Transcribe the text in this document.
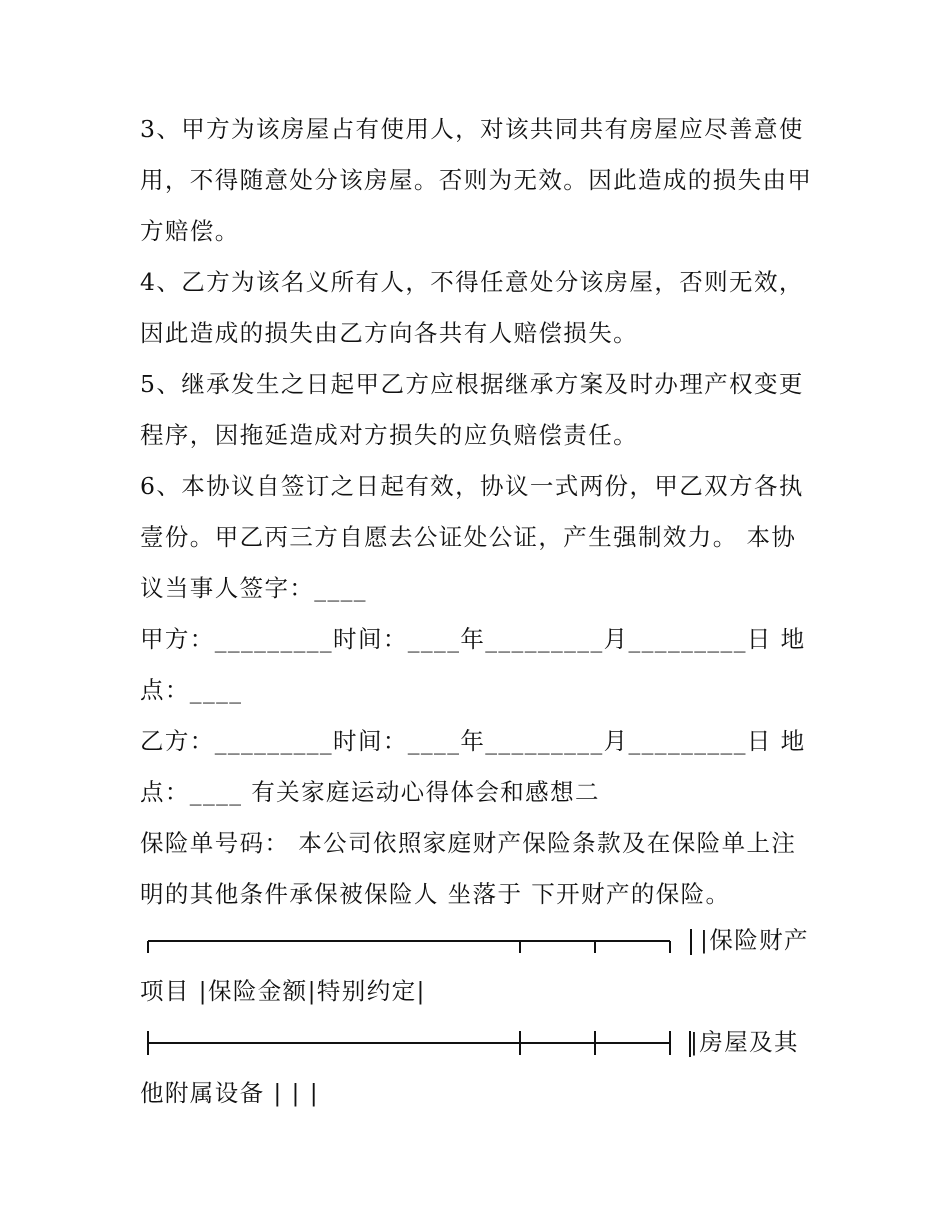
3、甲方为该房屋占有使用人，对该共同共有房屋应尽善意使
用，不得随意处分该房屋。否则为无效。因此造成的损失由甲
方赔偿。
4、乙方为该名义所有人，不得任意处分该房屋，否则无效，
因此造成的损失由乙方向各共有人赔偿损失。
5、继承发生之日起甲乙方应根据继承方案及时办理产权变更
程序，因拖延造成对方损失的应负赔偿责任。
6、本协议自签订之日起有效，协议一式两份，甲乙双方各执
壹份。甲乙丙三方自愿去公证处公证，产生强制效力。 本协
议当事人签字：____
甲方：_________时间：____年_________月_________日 地
点：____
乙方：_________时间：____年_________月_________日 地
点：____ 有关家庭运动心得体会和感想二
保险单号码： 本公司依照家庭财产保险条款及在保险单上注
明的其他条件承保被保险人 坐落于 下开财产的保险。
|保险财产
项目 |保险金额|特别约定|
|房屋及其
他附属设备 | | |
